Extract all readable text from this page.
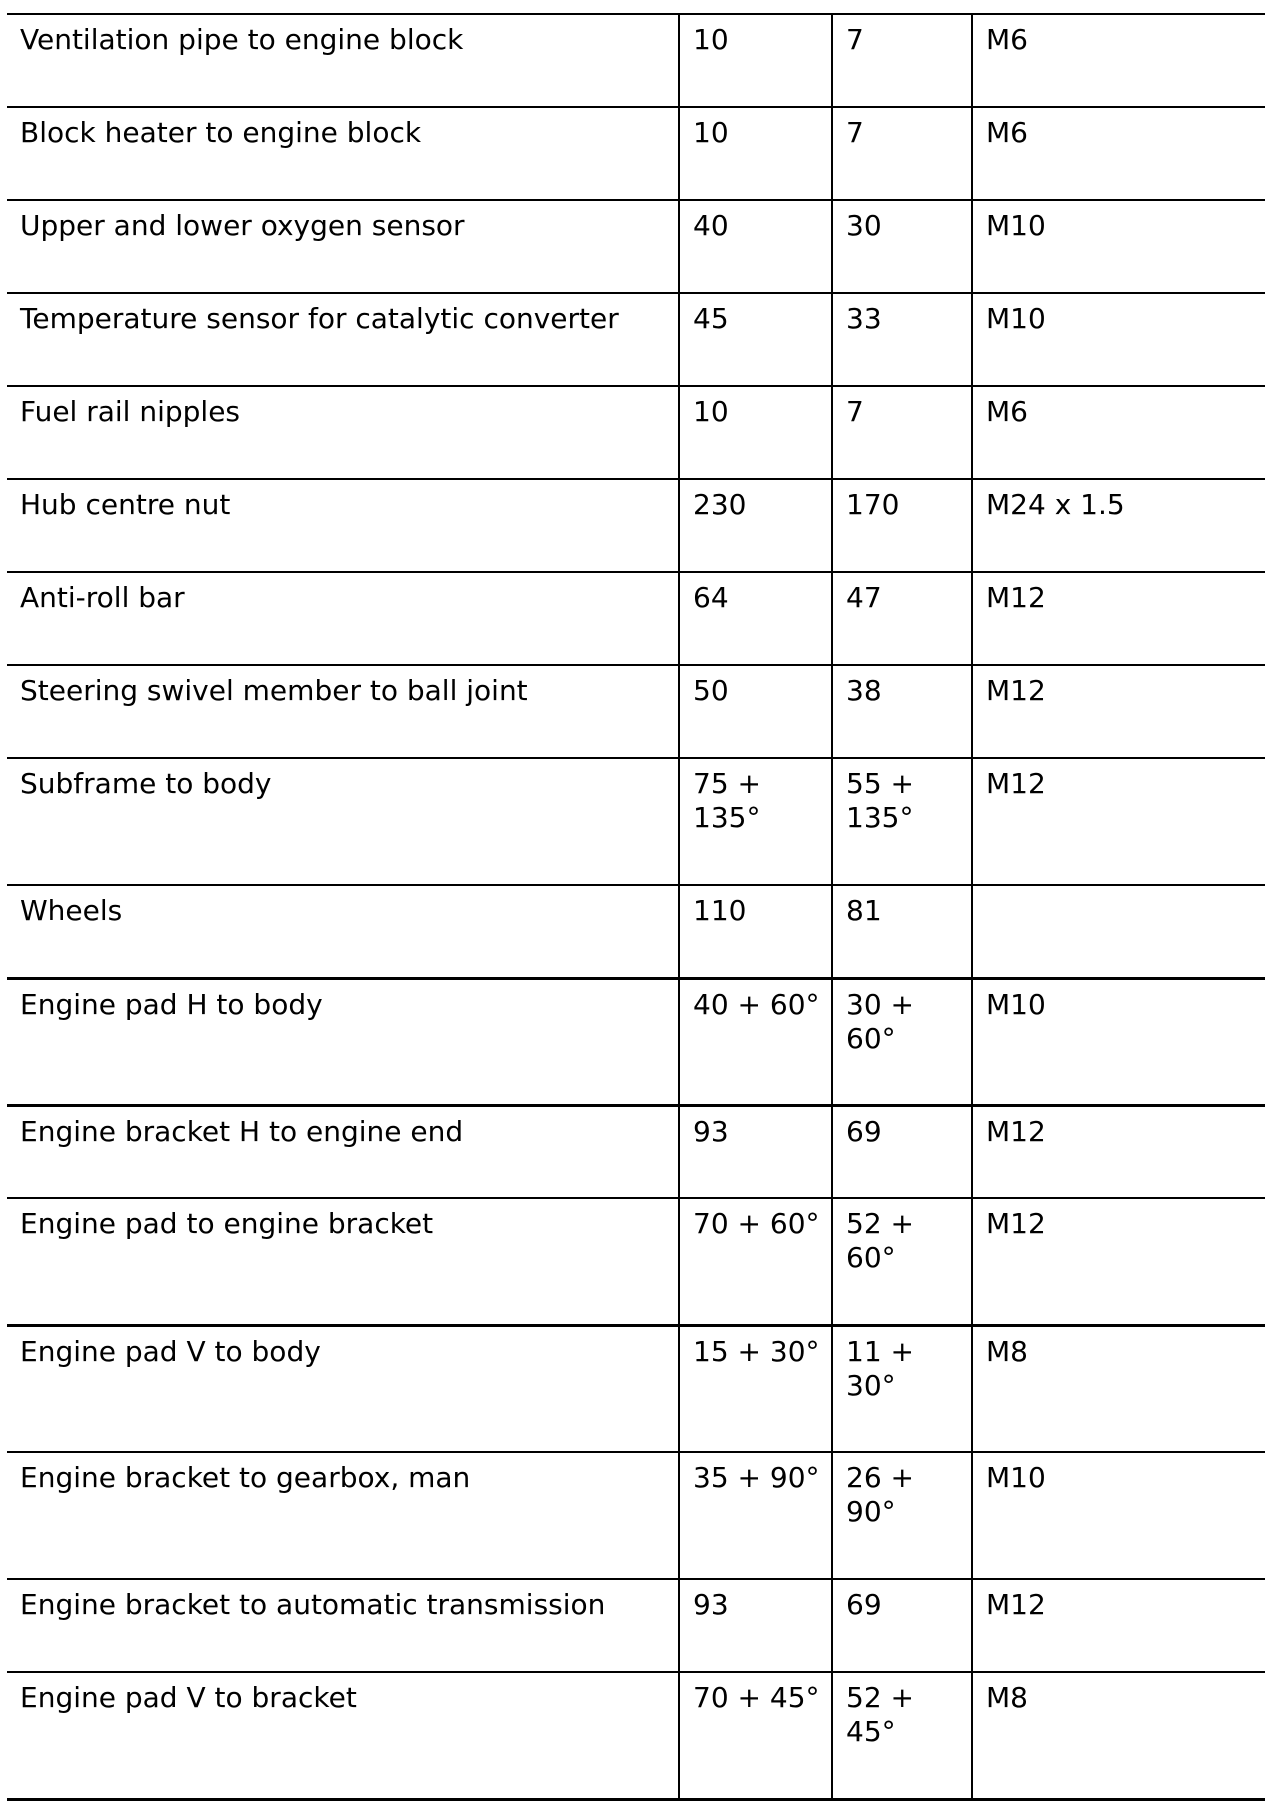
Ventilation pipe to engine block	10	7	M6
Block heater to engine block	10	7	M6
Upper and lower oxygen sensor	40	30	M10
Temperature sensor for catalytic converter	45	33	M10
Fuel rail nipples	10	7	M6
Hub centre nut	230	170	M24 x 1.5
Anti-roll bar	64	47	M12
Steering swivel member to ball joint	50	38	M12
Subframe to body	75 + 135°	55 + 135°	M12
Wheels	110	81	
Engine pad H to body	40 + 60°	30 + 60°	M10
Engine bracket H to engine end	93	69	M12
Engine pad to engine bracket	70 + 60°	52 + 60°	M12
Engine pad V to body	15 + 30°	11 + 30°	M8
Engine bracket to gearbox, man	35 + 90°	26 + 90°	M10
Engine bracket to automatic transmission	93	69	M12
Engine pad V to bracket	70 + 45°	52 + 45°	M8
